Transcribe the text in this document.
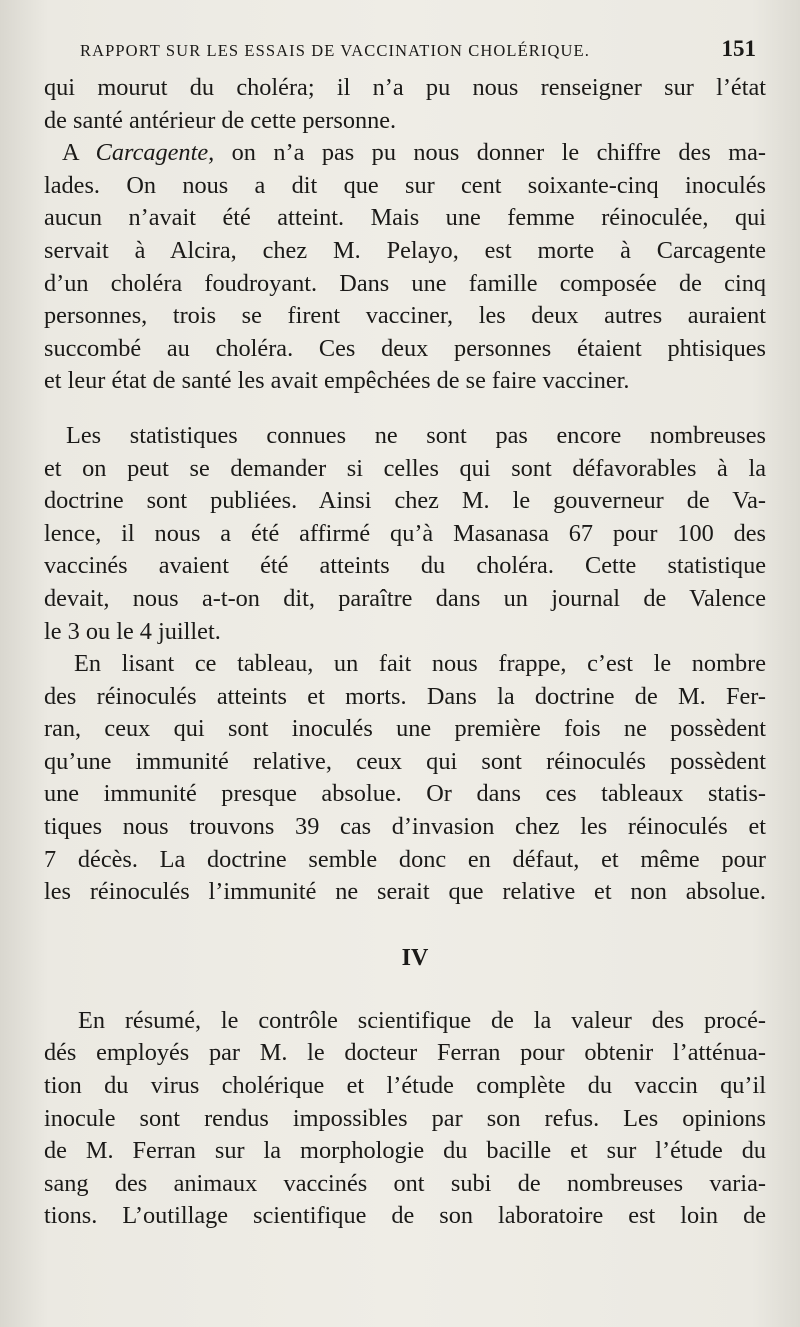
RAPPORT SUR LES ESSAIS DE VACCINATION CHOLÉRIQUE.	151
qui mourut du choléra; il n’a pu nous renseigner sur l’état
de santé antérieur de cette personne.
A Carcagente, on n’a pas pu nous donner le chiffre des ma-
lades. On nous a dit que sur cent soixante-cinq inoculés
aucun n’avait été atteint. Mais une femme réinoculée, qui
servait à Alcira, chez M. Pelayo, est morte à Carcagente
d’un choléra foudroyant. Dans une famille composée de cinq
personnes, trois se firent vacciner, les deux autres auraient
succombé au choléra. Ces deux personnes étaient phtisiques
et leur état de santé les avait empêchées de se faire vacciner.
Les statistiques connues ne sont pas encore nombreuses
et on peut se demander si celles qui sont défavorables à la
doctrine sont publiées. Ainsi chez M. le gouverneur de Va-
lence, il nous a été affirmé qu’à Masanasa 67 pour 100 des
vaccinés avaient été atteints du choléra. Cette statistique
devait, nous a-t-on dit, paraître dans un journal de Valence
le 3 ou le 4 juillet.
En lisant ce tableau, un fait nous frappe, c’est le nombre
des réinoculés atteints et morts. Dans la doctrine de M. Fer-
ran, ceux qui sont inoculés une première fois ne possèdent
qu’une immunité relative, ceux qui sont réinoculés possèdent
une immunité presque absolue. Or dans ces tableaux statis-
tiques nous trouvons 39 cas d’invasion chez les réinoculés et
7 décès. La doctrine semble donc en défaut, et même pour
les réinoculés l’immunité ne serait que relative et non absolue.
IV
En résumé, le contrôle scientifique de la valeur des procé-
dés employés par M. le docteur Ferran pour obtenir l’atténua-
tion du virus cholérique et l’étude complète du vaccin qu’il
inocule sont rendus impossibles par son refus. Les opinions
de M. Ferran sur la morphologie du bacille et sur l’étude du
sang des animaux vaccinés ont subi de nombreuses varia-
tions. L’outillage scientifique de son laboratoire est loin de
